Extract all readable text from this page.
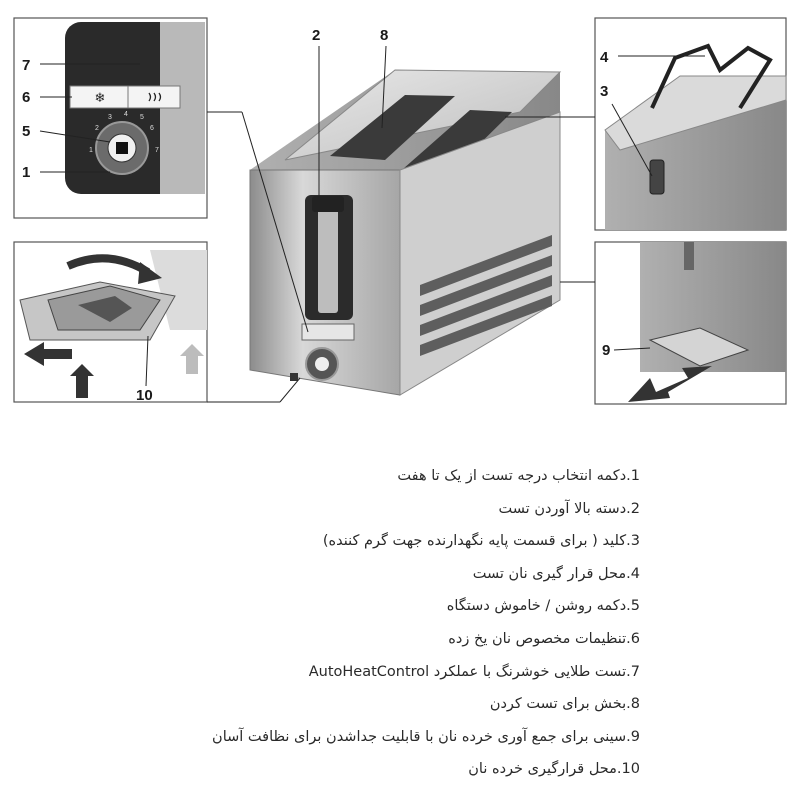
❄
7
6
5
1
1
2
3 4 5
6
7
10
4
3
9
2	8
1.دکمه انتخاب درجه تست از یک تا هفت
2.دسته بالا آوردن تست
3.کلید ( برای قسمت پایه نگهدارنده جهت گرم کننده)
4.محل قرار گیری نان تست
5.دکمه روشن / خاموش دستگاه
6.تنظیمات مخصوص نان یخ زده
7.تست طلایی خوشرنگ با عملکرد AutoHeatControl
8.بخش برای تست کردن
9.سینی برای جمع آوری خرده نان با قابلیت جداشدن برای نظافت آسان
10.محل قرارگیری خرده نان
